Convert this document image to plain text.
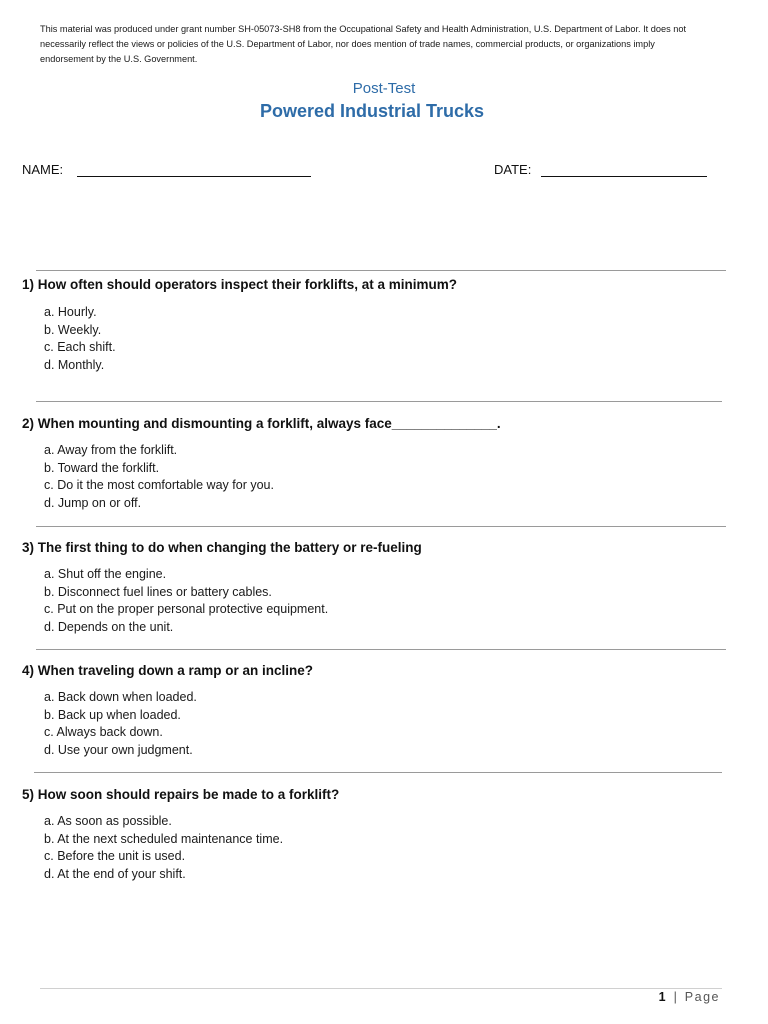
This material was produced under grant number SH-05073-SH8 from the Occupational Safety and Health Administration, U.S. Department of Labor. It does not necessarily reflect the views or policies of the U.S. Department of Labor, nor does mention of trade names, commercial products, or organizations imply endorsement by the U.S. Government.
Post-Test
Powered Industrial Trucks
NAME:	DATE:
1) How often should operators inspect their forklifts, at a minimum?
a. Hourly.
b. Weekly.
c. Each shift.
d. Monthly.
2) When mounting and dismounting a forklift, always face______________.
a. Away from the forklift.
b. Toward the forklift.
c. Do it the most comfortable way for you.
d. Jump on or off.
3) The first thing to do when changing the battery or re-fueling
a. Shut off the engine.
b. Disconnect fuel lines or battery cables.
c. Put on the proper personal protective equipment.
d. Depends on the unit.
4) When traveling down a ramp or an incline?
a. Back down when loaded.
b. Back up when loaded.
c. Always back down.
d. Use your own judgment.
5) How soon should repairs be made to a forklift?
a. As soon as possible.
b. At the next scheduled maintenance time.
c. Before the unit is used.
d. At the end of your shift.
1 | Page
